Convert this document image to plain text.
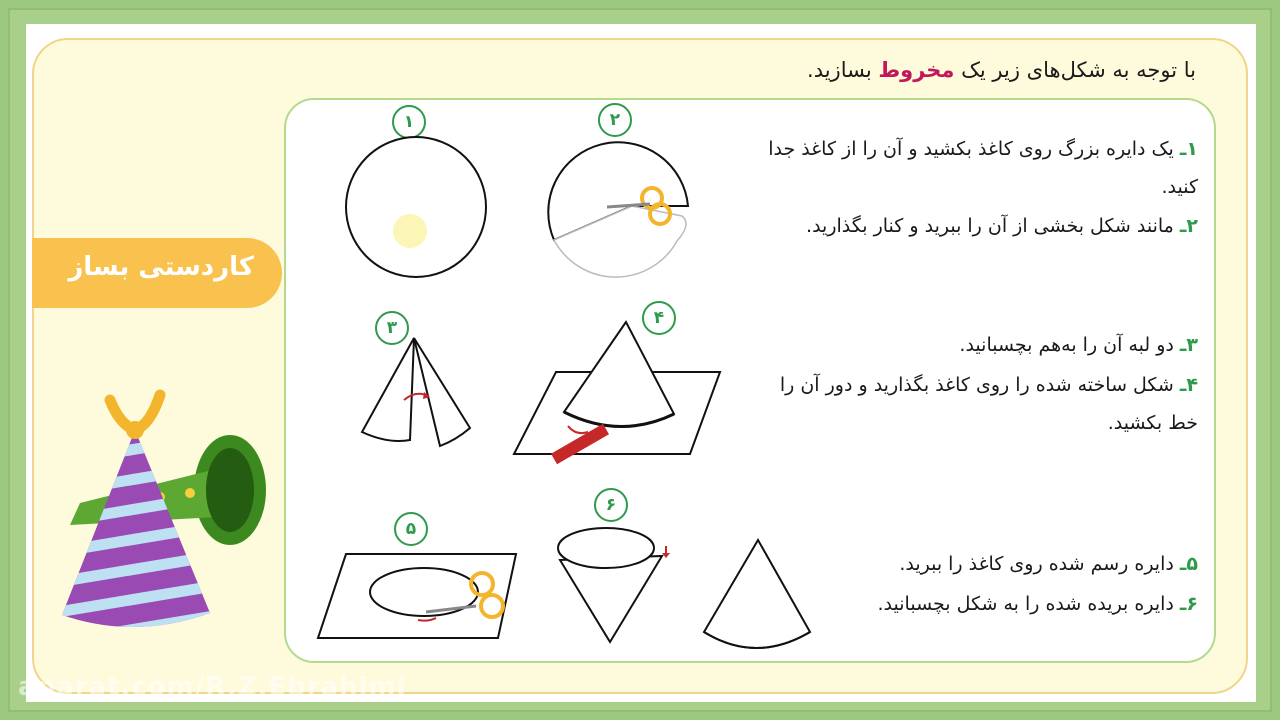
با توجه به شکل‌های زیر یک مخروط بسازید.
کاردستی بساز
۱	۲
۳	۴
۵
۶
۱ـ یک دایره بزرگ روی کاغذ بکشید و آن را از کاغذ جدا کنید.
۲ـ مانند شکل بخشی از آن را ببرید و کنار بگذارید.
۳ـ دو لبه آن را به‌هم بچسبانید.
۴ـ شکل ساخته شده را روی کاغذ بگذارید و دور آن را خط بکشید.
۵ـ دایره رسم شده روی کاغذ را ببرید.
۶ـ دایره بریده شده را به شکل بچسبانید.
aparat.com/R.Z.Ebrahimi
